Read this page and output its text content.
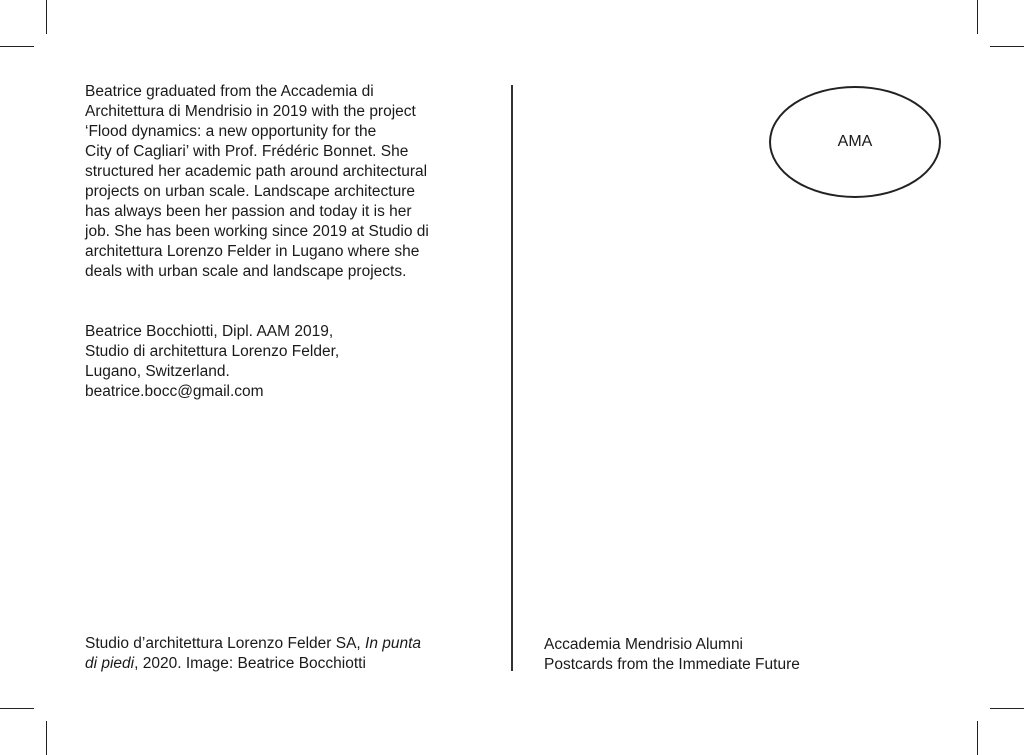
Beatrice graduated from the Accademia di
Architettura di Mendrisio in 2019 with the project
‘Flood dynamics: a new opportunity for the
City of Cagliari’ with Prof. Frédéric Bonnet. She
structured her academic path around architectural
projects on urban scale. Landscape architecture
has always been her passion and today it is her
job. She has been working since 2019 at Studio di
architettura Lorenzo Felder in Lugano where she
deals with urban scale and landscape projects.
Beatrice Bocchiotti, Dipl. AAM 2019,
Studio di architettura Lorenzo Felder,
Lugano, Switzerland.
beatrice.bocc@gmail.com
Studio d’architettura Lorenzo Felder SA, In punta
di piedi, 2020. Image: Beatrice Bocchiotti
AMA
Accademia Mendrisio Alumni
Postcards from the Immediate Future
